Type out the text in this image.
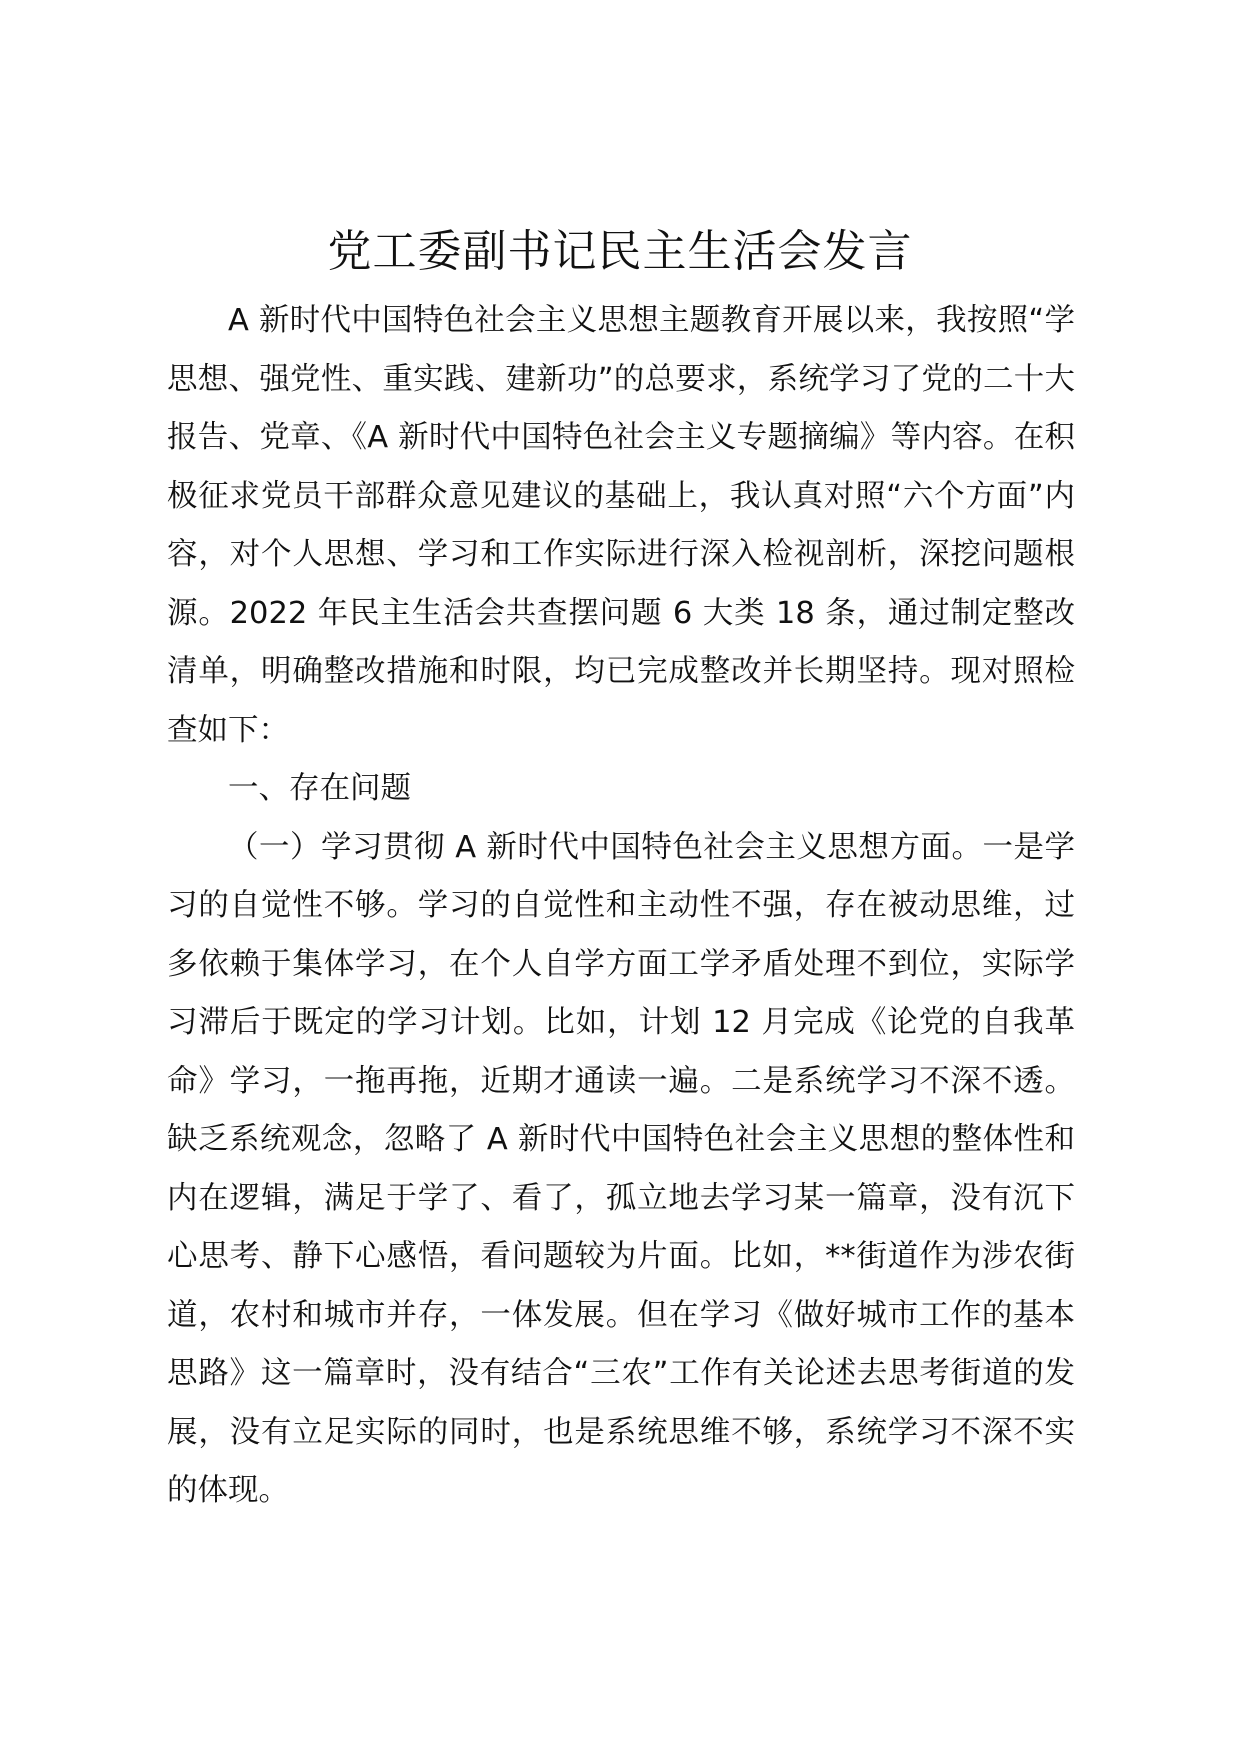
党工委副书记民主生活会发言

A 新时代中国特色社会主义思想主题教育开展以来，我按照“学思想、强党性、重实践、建新功”的总要求，系统学习了党的二十大报告、党章、《A 新时代中国特色社会主义专题摘编》等内容。在积极征求党员干部群众意见建议的基础上，我认真对照“六个方面”内容，对个人思想、学习和工作实际进行深入检视剖析，深挖问题根源。2022 年民主生活会共查摆问题 6 大类 18 条，通过制定整改清单，明确整改措施和时限，均已完成整改并长期坚持。现对照检查如下：

一、存在问题

（一）学习贯彻 A 新时代中国特色社会主义思想方面。一是学习的自觉性不够。学习的自觉性和主动性不强，存在被动思维，过多依赖于集体学习，在个人自学方面工学矛盾处理不到位，实际学习滞后于既定的学习计划。比如，计划 12 月完成《论党的自我革命》学习，一拖再拖，近期才通读一遍。二是系统学习不深不透。缺乏系统观念，忽略了 A 新时代中国特色社会主义思想的整体性和内在逻辑，满足于学了、看了，孤立地去学习某一篇章，没有沉下心思考、静下心感悟，看问题较为片面。比如，**街道作为涉农街道，农村和城市并存，一体发展。但在学习《做好城市工作的基本思路》这一篇章时，没有结合“三农”工作有关论述去思考街道的发展，没有立足实际的同时，也是系统思维不够，系统学习不深不实的体现。
